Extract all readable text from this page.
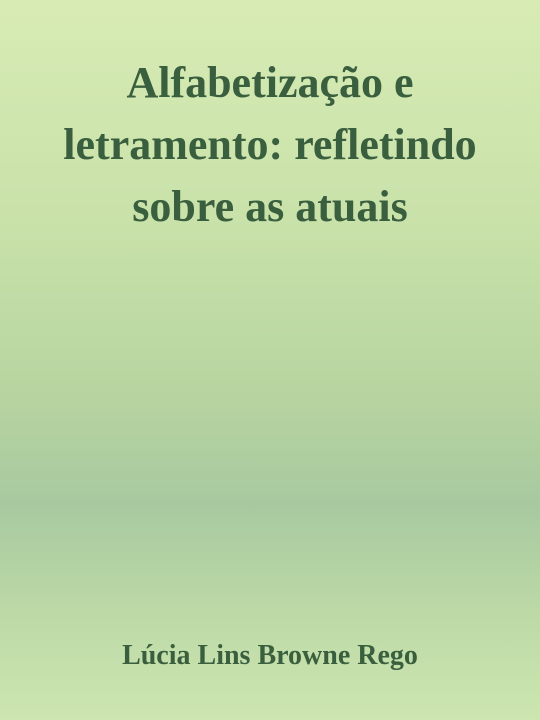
Alfabetização e letramento: refletindo sobre as atuais

Lúcia Lins Browne Rego
